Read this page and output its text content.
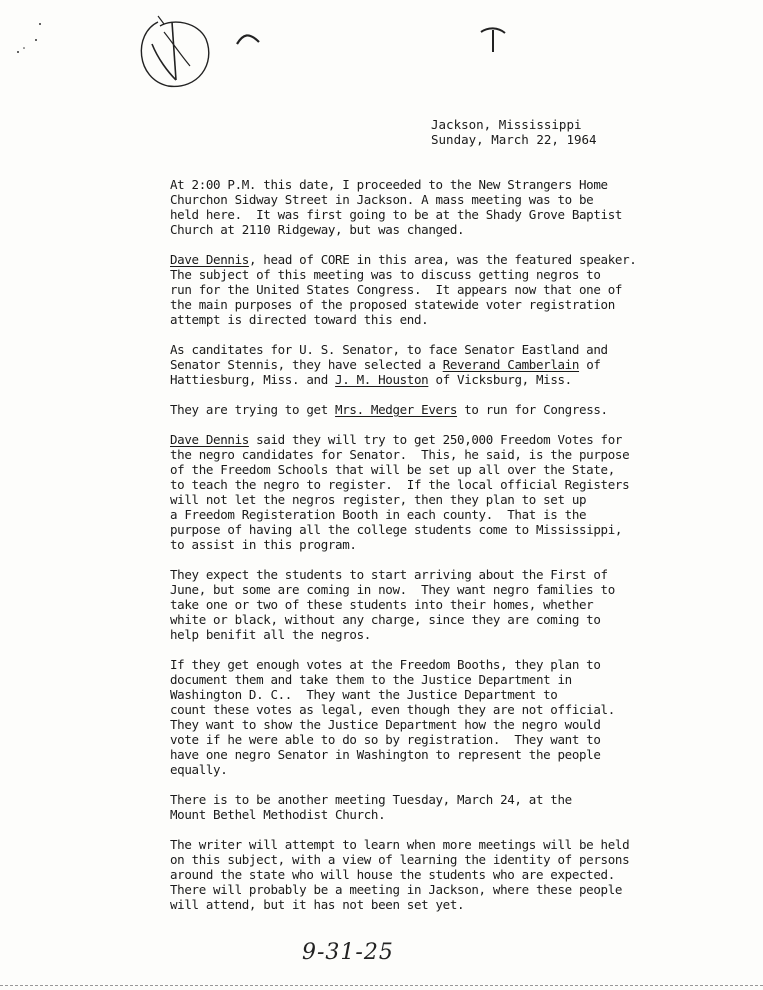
Jackson, Mississippi
Sunday, March 22, 1964

At 2:00 P.M. this date, I proceeded to the New Strangers Home
Churchon Sidway Street in Jackson. A mass meeting was to be
held here.  It was first going to be at the Shady Grove Baptist
Church at 2110 Ridgeway, but was changed.

Dave Dennis, head of CORE in this area, was the featured speaker.
The subject of this meeting was to discuss getting negros to
run for the United States Congress.  It appears now that one of
the main purposes of the proposed statewide voter registration
attempt is directed toward this end.

As canditates for U. S. Senator, to face Senator Eastland and
Senator Stennis, they have selected a Reverand Camberlain of
Hattiesburg, Miss. and J. M. Houston of Vicksburg, Miss.

They are trying to get Mrs. Medger Evers to run for Congress.

Dave Dennis said they will try to get 250,000 Freedom Votes for
the negro candidates for Senator.  This, he said, is the purpose
of the Freedom Schools that will be set up all over the State,
to teach the negro to register.  If the local official Registers
will not let the negros register, then they plan to set up
a Freedom Registeration Booth in each county.  That is the
purpose of having all the college students come to Mississippi,
to assist in this program.

They expect the students to start arriving about the First of
June, but some are coming in now.  They want negro families to
take one or two of these students into their homes, whether
white or black, without any charge, since they are coming to
help benifit all the negros.

If they get enough votes at the Freedom Booths, they plan to
document them and take them to the Justice Department in
Washington D. C..  They want the Justice Department to
count these votes as legal, even though they are not official.
They want to show the Justice Department how the negro would
vote if he were able to do so by registration.  They want to
have one negro Senator in Washington to represent the people
equally.

There is to be another meeting Tuesday, March 24, at the
Mount Bethel Methodist Church.

The writer will attempt to learn when more meetings will be held
on this subject, with a view of learning the identity of persons
around the state who will house the students who are expected.
There will probably be a meeting in Jackson, where these people
will attend, but it has not been set yet.

9-31-25
